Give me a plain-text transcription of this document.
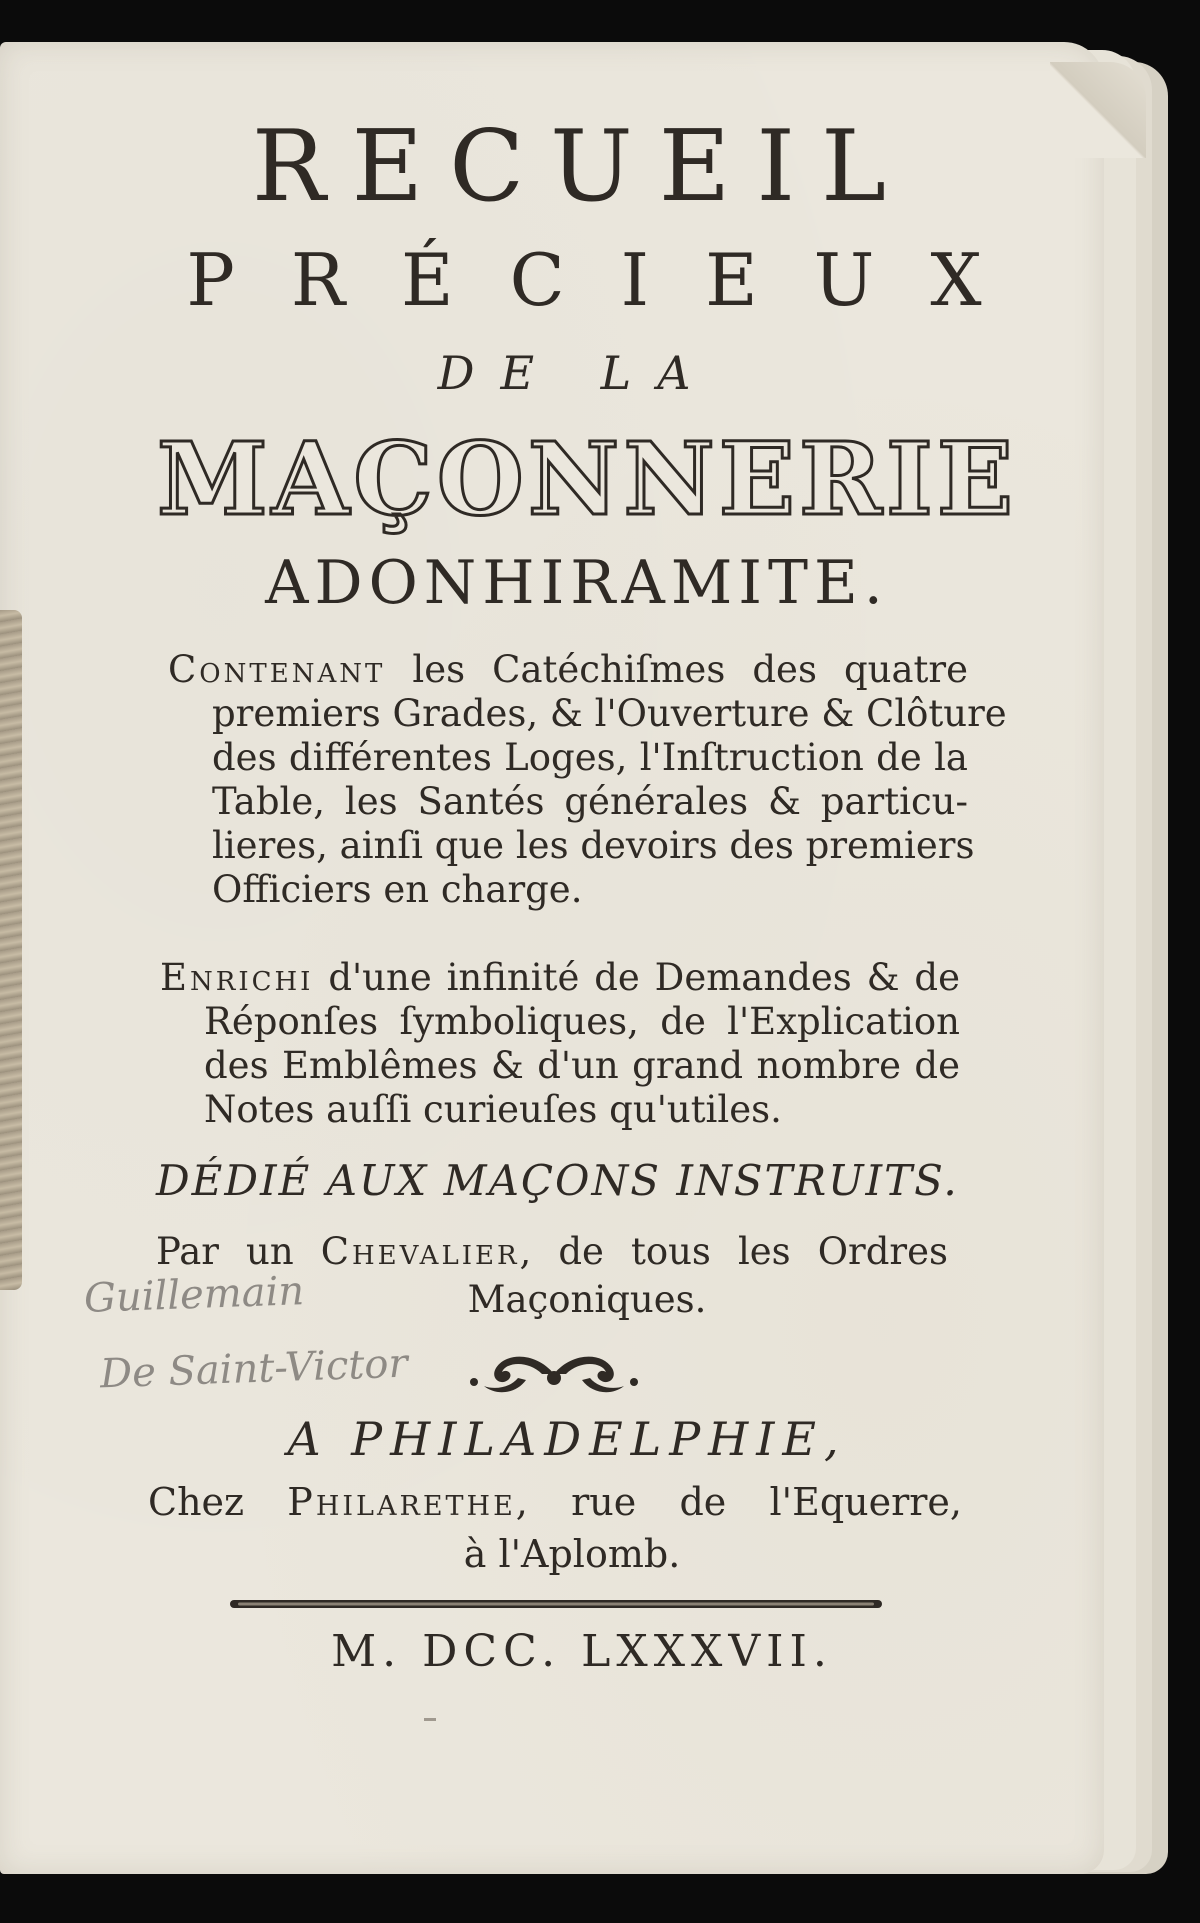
RECUEIL
PRÉCIEUX
DE LA
MAÇONNERIE
ADONHIRAMITE.
Contenant les Catéchiſmes des quatre
premiers Grades, & l'Ouverture & Clôture
des différentes Loges, l'Inſtruction de la
Table, les Santés générales & particu-
lieres, ainſi que les devoirs des premiers
Officiers en charge.
Enrichi d'une infinité de Demandes & de
Réponſes ſymboliques, de l'Explication
des Emblêmes & d'un grand nombre de
Notes auſſi curieuſes qu'utiles.
DÉDIÉ AUX MAÇONS INSTRUITS.
Par un Chevalier, de tous les Ordres
Maçoniques.
Guillemain
De Saint-Victor
A PHILADELPHIE,
Chez Philarethe, rue de l'Equerre,
à l'Aplomb.
M. DCC. LXXXVII.
